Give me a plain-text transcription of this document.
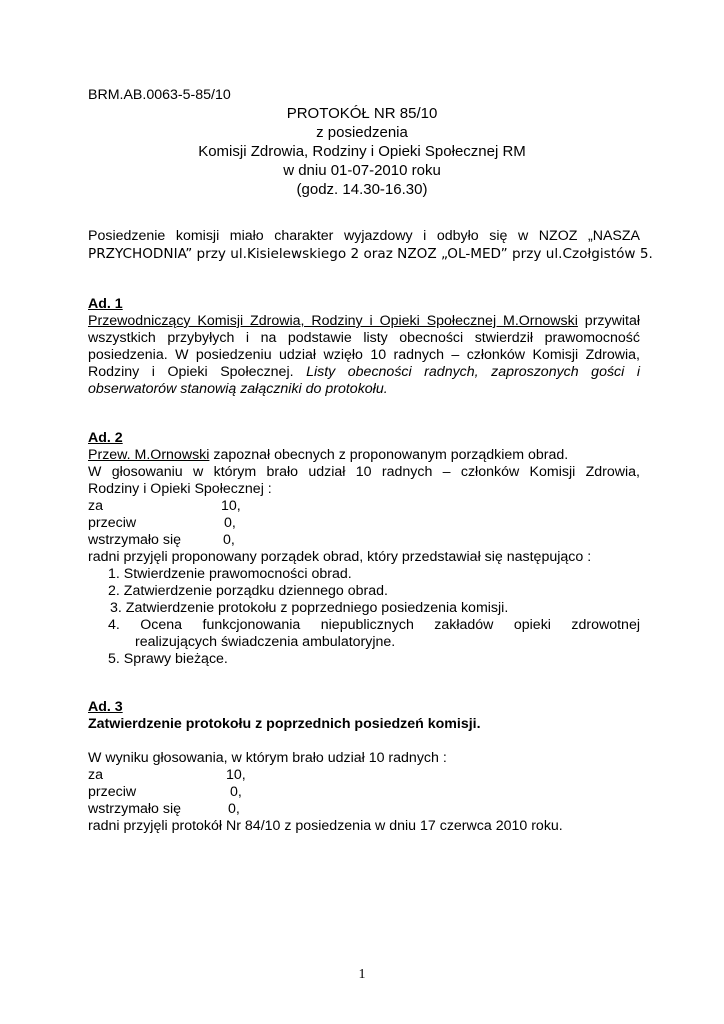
BRM.AB.0063-5-85/10
PROTOKÓŁ NR 85/10
z posiedzenia
Komisji Zdrowia, Rodziny i Opieki Społecznej RM
w dniu 01-07-2010 roku
(godz. 14.30-16.30)
Posiedzenie komisji miało charakter wyjazdowy i odbyło się w NZOZ „NASZA
PRZYCHODNIA” przy ul.Kisielewskiego 2 oraz NZOZ „OL-MED” przy ul.Czołgistów 5.
Ad. 1
Przewodniczący Komisji Zdrowia, Rodziny i Opieki Społecznej M.Ornowski przywitał
wszystkich przybyłych i na podstawie listy obecności stwierdził prawomocność
posiedzenia. W posiedzeniu udział wzięło 10 radnych – członków Komisji Zdrowia,
Rodziny i Opieki Społecznej. Listy obecności radnych, zaproszonych gości i
obserwatorów stanowią załączniki do protokołu.
Ad. 2
Przew. M.Ornowski zapoznał obecnych z proponowanym porządkiem obrad.
W głosowaniu w którym brało udział 10 radnych – członków Komisji Zdrowia,
Rodziny i Opieki Społecznej :
za	10,
przeciw	0,
wstrzymało się	0,
radni przyjęli proponowany porządek obrad, który przedstawiał się następująco :
1. Stwierdzenie prawomocności obrad.
2. Zatwierdzenie porządku dziennego obrad.
3. Zatwierdzenie protokołu z poprzedniego posiedzenia komisji.
4. Ocena funkcjonowania niepublicznych zakładów opieki zdrowotnej
realizujących świadczenia ambulatoryjne.
5. Sprawy bieżące.
Ad. 3
Zatwierdzenie protokołu z poprzednich posiedzeń komisji.
W wyniku głosowania, w którym brało udział 10 radnych :
za	10,
przeciw	0,
wstrzymało się	0,
radni przyjęli protokół Nr 84/10 z posiedzenia w dniu 17 czerwca 2010 roku.
1
